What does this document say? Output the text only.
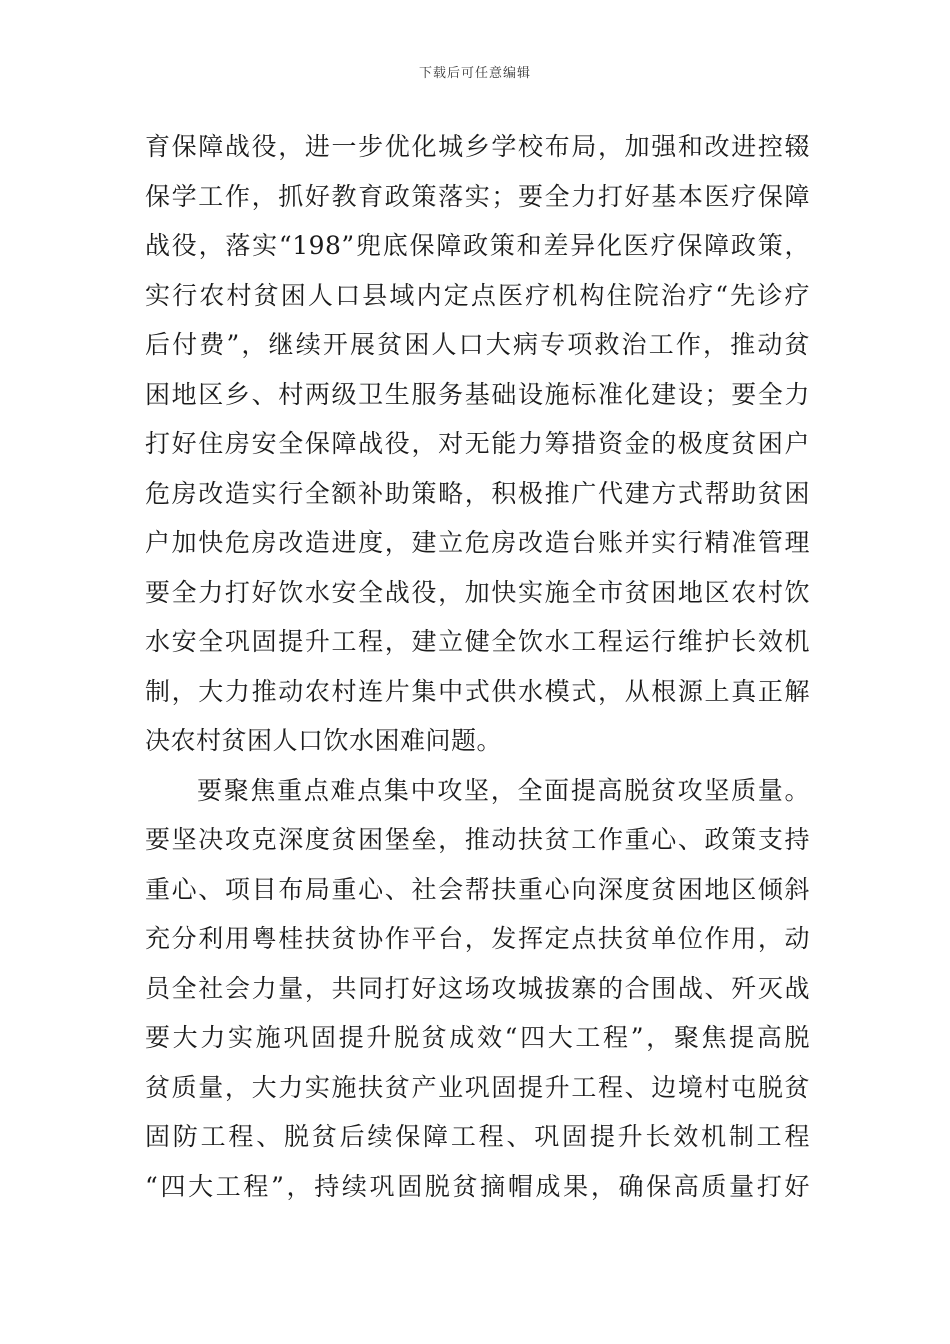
下载后可任意编辑
育保障战役，进一步优化城乡学校布局，加强和改进控辍
保学工作，抓好教育政策落实；要全力打好基本医疗保障
战役，落实“198”兜底保障政策和差异化医疗保障政策，
实行农村贫困人口县域内定点医疗机构住院治疗“先诊疗
后付费”，继续开展贫困人口大病专项救治工作，推动贫
困地区乡、村两级卫生服务基础设施标准化建设；要全力
打好住房安全保障战役，对无能力筹措资金的极度贫困户
危房改造实行全额补助策略，积极推广代建方式帮助贫困
户加快危房改造进度，建立危房改造台账并实行精准管理
要全力打好饮水安全战役，加快实施全市贫困地区农村饮
水安全巩固提升工程，建立健全饮水工程运行维护长效机
制，大力推动农村连片集中式供水模式，从根源上真正解
决农村贫困人口饮水困难问题。
要聚焦重点难点集中攻坚，全面提高脱贫攻坚质量。
要坚决攻克深度贫困堡垒，推动扶贫工作重心、政策支持
重心、项目布局重心、社会帮扶重心向深度贫困地区倾斜
充分利用粤桂扶贫协作平台，发挥定点扶贫单位作用，动
员全社会力量，共同打好这场攻城拔寨的合围战、歼灭战
要大力实施巩固提升脱贫成效“四大工程”，聚焦提高脱
贫质量，大力实施扶贫产业巩固提升工程、边境村屯脱贫
固防工程、脱贫后续保障工程、巩固提升长效机制工程
“四大工程”，持续巩固脱贫摘帽成果，确保高质量打好
